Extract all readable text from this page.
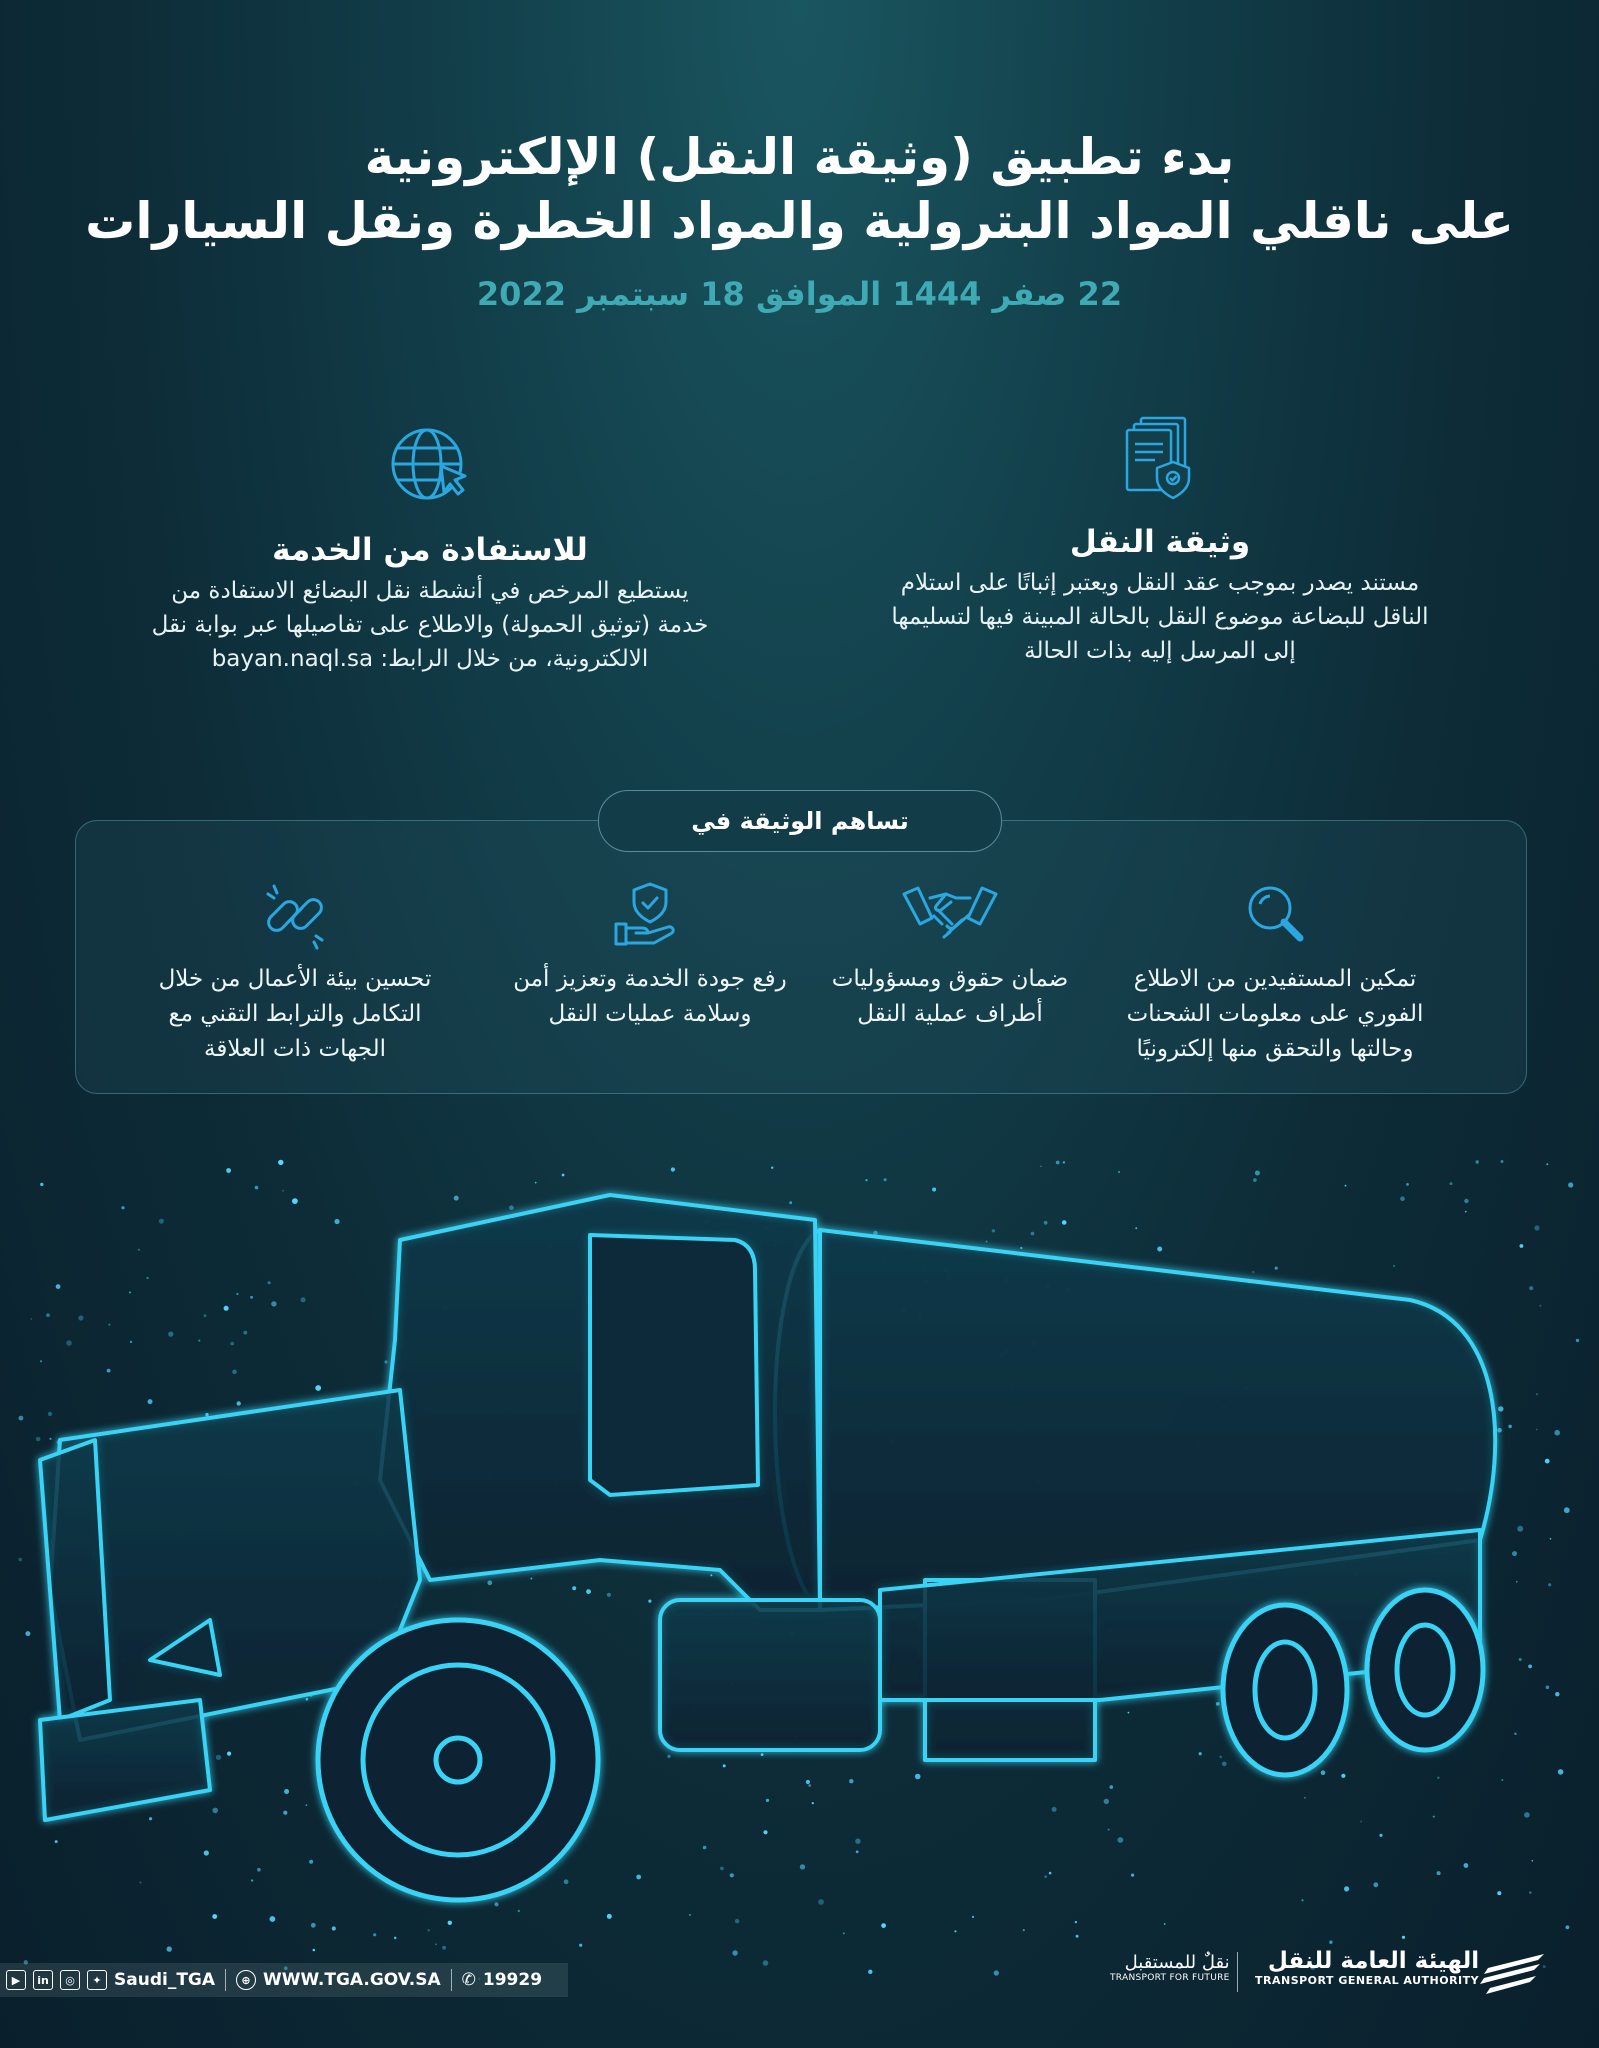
بدء تطبيق (وثيقة النقل) الإلكترونية
على ناقلي المواد البترولية والمواد الخطرة ونقل السيارات
22 صفر 1444 الموافق 18 سبتمبر 2022
وثيقة النقل

مستند يصدر بموجب عقد النقل ويعتبر إثباتًا على استلام الناقل للبضاعة موضوع النقل بالحالة المبينة فيها لتسليمها إلى المرسل إليه بذات الحالة

للاستفادة من الخدمة

يستطيع المرخص في أنشطة نقل البضائع الاستفادة من خدمة (توثيق الحمولة) والاطلاع على تفاصيلها عبر بوابة نقل الالكترونية، من خلال الرابط: bayan.naql.sa

تساهم الوثيقة في

تمكين المستفيدين من الاطلاع الفوري على معلومات الشحنات وحالتها والتحقق منها إلكترونيًا

ضمان حقوق ومسؤوليات أطراف عملية النقل

رفع جودة الخدمة وتعزيز أمن وسلامة عمليات النقل

تحسين بيئة الأعمال من خلال التكامل والترابط التقني مع الجهات ذات العلاقة

▶	in	◎	✦ Saudi_TGA	⊕ WWW.TGA.GOV.SA ✆ 19929
نقلٌ للمستقبل
TRANSPORT FOR FUTURE
الهيئة العامة للنقل
TRANSPORT GENERAL AUTHORITY
